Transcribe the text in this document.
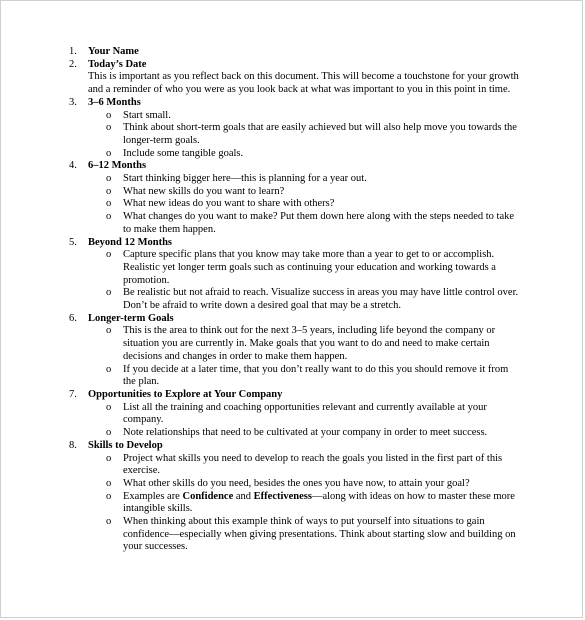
1. Your Name
2. Today’s Date
This is important as you reflect back on this document. This will become a touchstone for your growth and a reminder of who you were as you look back at what was important to you in this point in time.
3. 3–6 Months
o Start small.
o Think about short-term goals that are easily achieved but will also help move you towards the longer-term goals.
o Include some tangible goals.
4. 6–12 Months
o Start thinking bigger here—this is planning for a year out.
o What new skills do you want to learn?
o What new ideas do you want to share with others?
o What changes do you want to make? Put them down here along with the steps needed to take to make them happen.
5. Beyond 12 Months
o Capture specific plans that you know may take more than a year to get to or accomplish. Realistic yet longer term goals such as continuing your education and working towards a promotion.
o Be realistic but not afraid to reach. Visualize success in areas you may have little control over. Don’t be afraid to write down a desired goal that may be a stretch.
6. Longer-term Goals
o This is the area to think out for the next 3–5 years, including life beyond the company or situation you are currently in. Make goals that you want to do and need to make certain decisions and changes in order to make them happen.
o If you decide at a later time, that you don’t really want to do this you should remove it from the plan.
7. Opportunities to Explore at Your Company
o List all the training and coaching opportunities relevant and currently available at your company.
o Note relationships that need to be cultivated at your company in order to meet success.
8. Skills to Develop
o Project what skills you need to develop to reach the goals you listed in the first part of this exercise.
o What other skills do you need, besides the ones you have now, to attain your goal?
o Examples are Confidence and Effectiveness—along with ideas on how to master these more intangible skills.
o When thinking about this example think of ways to put yourself into situations to gain confidence—especially when giving presentations. Think about starting slow and building on your successes.
